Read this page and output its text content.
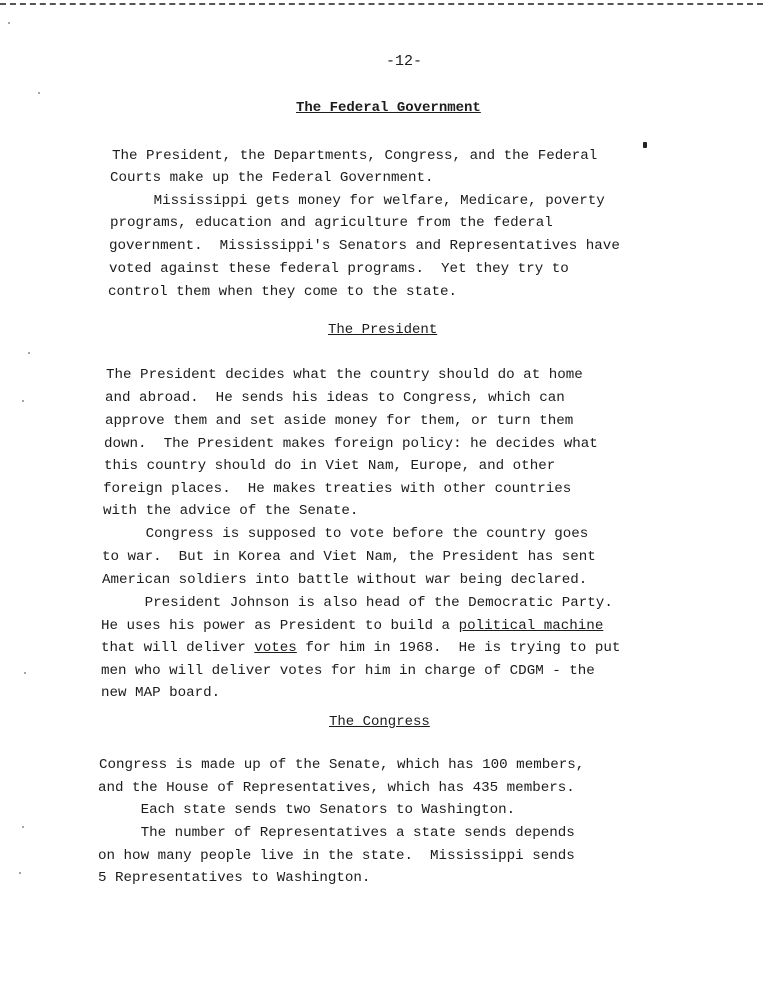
-12-
The Federal Government
The President, the Departments, Congress, and the Federal
Courts make up the Federal Government.
Mississippi gets money for welfare, Medicare, poverty
programs, education and agriculture from the federal
government.  Mississippi's Senators and Representatives have
voted against these federal programs.  Yet they try to
control them when they come to the state.
The President
The President decides what the country should do at home
and abroad.  He sends his ideas to Congress, which can
approve them and set aside money for them, or turn them
down.  The President makes foreign policy: he decides what
this country should do in Viet Nam, Europe, and other
foreign places.  He makes treaties with other countries
with the advice of the Senate.
Congress is supposed to vote before the country goes
to war.  But in Korea and Viet Nam, the President has sent
American soldiers into battle without war being declared.
President Johnson is also head of the Democratic Party.
He uses his power as President to build a political machine
that will deliver votes for him in 1968.  He is trying to put
men who will deliver votes for him in charge of CDGM - the
new MAP board.
The Congress
Congress is made up of the Senate, which has 100 members,
and the House of Representatives, which has 435 members.
Each state sends two Senators to Washington.
The number of Representatives a state sends depends
on how many people live in the state.  Mississippi sends
5 Representatives to Washington.
